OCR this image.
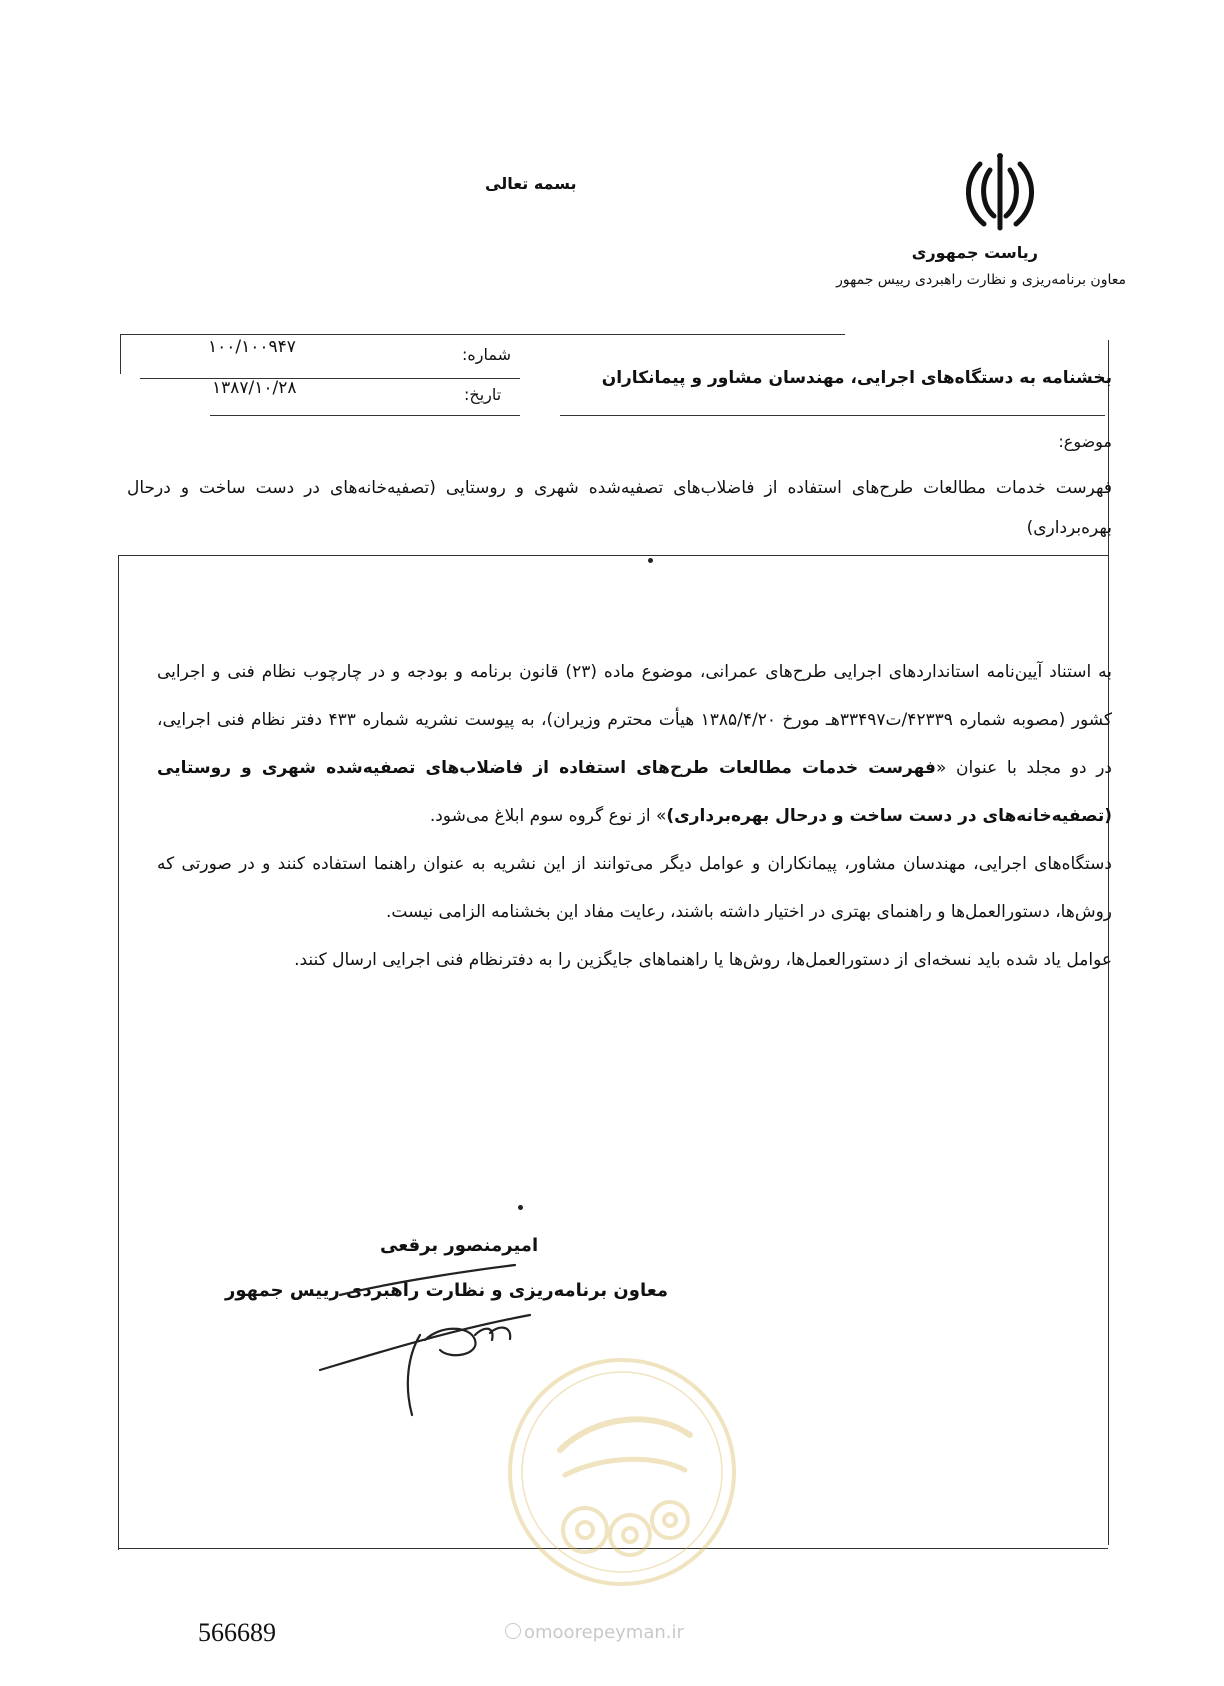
ریاست جمهوری
معاون برنامه‌ریزی و نظارت راهبردی رییس جمهور
بسمه تعالی
شماره:
۱۰۰/۱۰۰۹۴۷
تاریخ:
۱۳۸۷/۱۰/۲۸	بخشنامه به دستگاه‌های اجرایی، مهندسان مشاور و پیمانکاران
موضوع:
فهرست خدمات مطالعات طرح‌های استفاده از فاضلاب‌های تصفیه‌شده شهری و روستایی (تصفیه‌خانه‌های در دست ساخت و درحال بهره‌برداری)

به استناد آیین‌نامه استانداردهای اجرایی طرح‌های عمرانی، موضوع ماده (۲۳) قانون برنامه و بودجه و در چارچوب نظام فنی و اجرایی کشور (مصوبه شماره ۴۲۳۳۹/ت۳۳۴۹۷هـ مورخ ۱۳۸۵/۴/۲۰ هیأت محترم وزیران)، به پیوست نشریه شماره ۴۳۳ دفتر نظام فنی اجرایی، در دو مجلد با عنوان «فهرست خدمات مطالعات طرح‌های استفاده از فاضلاب‌های تصفیه‌شده شهری و روستایی (تصفیه‌خانه‌های در دست ساخت و درحال بهره‌برداری)» از نوع گروه سوم ابلاغ می‌شود.

دستگاه‌های اجرایی، مهندسان مشاور، پیمانکاران و عوامل دیگر می‌توانند از این نشریه به عنوان راهنما استفاده کنند و در صورتی که روش‌ها، دستورالعمل‌ها و راهنمای بهتری در اختیار داشته باشند، رعایت مفاد این بخشنامه الزامی نیست.

عوامل یاد شده باید نسخه‌ای از دستورالعمل‌ها، روش‌ها یا راهنماهای جایگزین را به دفترنظام فنی اجرایی ارسال کنند.

امیرمنصور برقعی
معاون برنامه‌ریزی و نظارت راهبردی رییس جمهور
566689	omoorepeyman.ir
